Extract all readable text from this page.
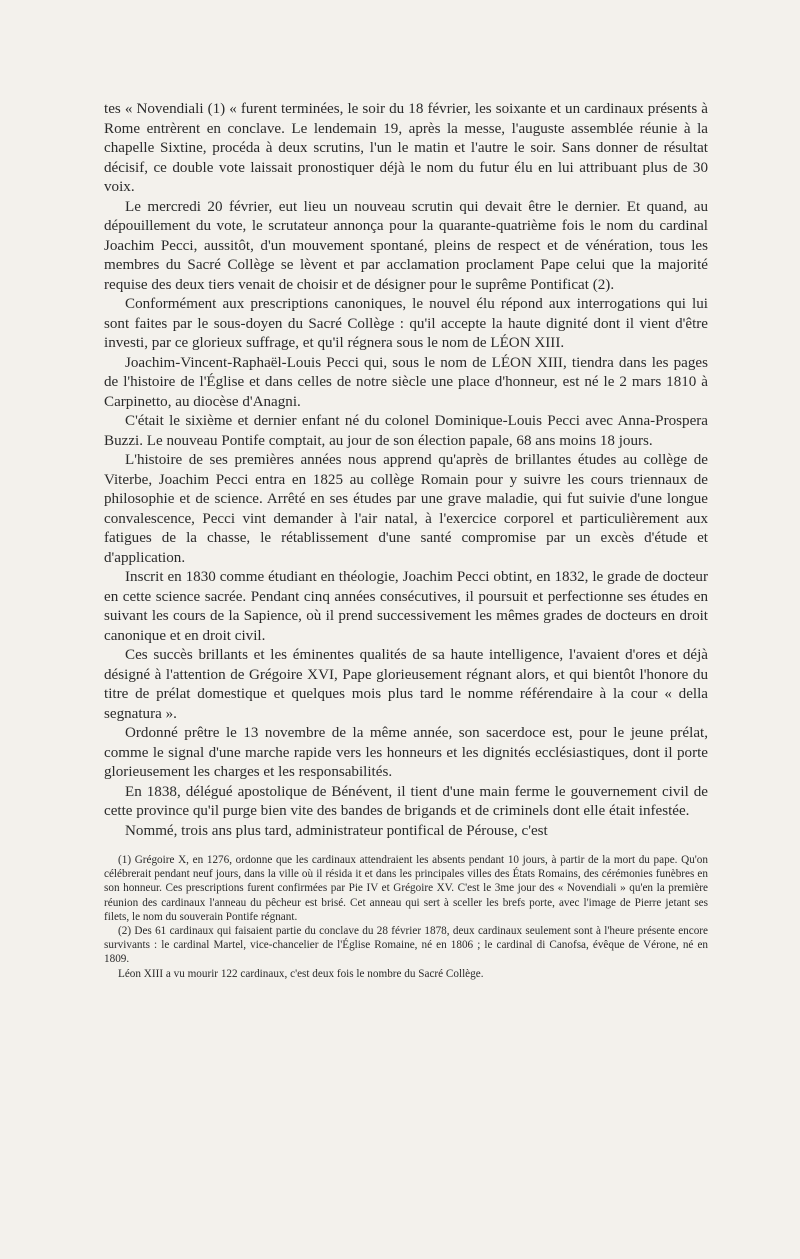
tes « Novendiali (1) « furent terminées, le soir du 18 février, les soixante et un cardinaux présents à Rome entrèrent en conclave. Le lendemain 19, après la messe, l'auguste assemblée réunie à la chapelle Sixtine, procéda à deux scrutins, l'un le matin et l'autre le soir. Sans donner de résultat décisif, ce double vote laissait pronostiquer déjà le nom du futur élu en lui attribuant plus de 30 voix.

Le mercredi 20 février, eut lieu un nouveau scrutin qui devait être le dernier. Et quand, au dépouillement du vote, le scrutateur annonça pour la quarante-quatrième fois le nom du cardinal Joachim Pecci, aussitôt, d'un mouvement spontané, pleins de respect et de vénération, tous les membres du Sacré Collège se lèvent et par acclamation proclament Pape celui que la majorité requise des deux tiers venait de choisir et de désigner pour le suprême Pontificat (2).

Conformément aux prescriptions canoniques, le nouvel élu répond aux interrogations qui lui sont faites par le sous-doyen du Sacré Collège : qu'il accepte la haute dignité dont il vient d'être investi, par ce glorieux suffrage, et qu'il régnera sous le nom de LÉON XIII.

Joachim-Vincent-Raphaël-Louis Pecci qui, sous le nom de LÉON XIII, tiendra dans les pages de l'histoire de l'Église et dans celles de notre siècle une place d'honneur, est né le 2 mars 1810 à Carpinetto, au diocèse d'Anagni.

C'était le sixième et dernier enfant né du colonel Dominique-Louis Pecci avec Anna-Prospera Buzzi. Le nouveau Pontife comptait, au jour de son élection papale, 68 ans moins 18 jours.

L'histoire de ses premières années nous apprend qu'après de brillantes études au collège de Viterbe, Joachim Pecci entra en 1825 au collège Romain pour y suivre les cours triennaux de philosophie et de science. Arrêté en ses études par une grave maladie, qui fut suivie d'une longue convalescence, Pecci vint demander à l'air natal, à l'exercice corporel et particulièrement aux fatigues de la chasse, le rétablissement d'une santé compromise par un excès d'étude et d'application.

Inscrit en 1830 comme étudiant en théologie, Joachim Pecci obtint, en 1832, le grade de docteur en cette science sacrée. Pendant cinq années consécutives, il poursuit et perfectionne ses études en suivant les cours de la Sapience, où il prend successivement les mêmes grades de docteurs en droit canonique et en droit civil.

Ces succès brillants et les éminentes qualités de sa haute intelligence, l'avaient d'ores et déjà désigné à l'attention de Grégoire XVI, Pape glorieusement régnant alors, et qui bientôt l'honore du titre de prélat domestique et quelques mois plus tard le nomme référendaire à la cour « della segnatura ».

Ordonné prêtre le 13 novembre de la même année, son sacerdoce est, pour le jeune prélat, comme le signal d'une marche rapide vers les honneurs et les dignités ecclésiastiques, dont il porte glorieusement les charges et les responsabilités.

En 1838, délégué apostolique de Bénévent, il tient d'une main ferme le gouvernement civil de cette province qu'il purge bien vite des bandes de brigands et de criminels dont elle était infestée.

Nommé, trois ans plus tard, administrateur pontifical de Pérouse, c'est

(1) Grégoire X, en 1276, ordonne que les cardinaux attendraient les absents pendant 10 jours, à partir de la mort du pape. Qu'on célébrerait pendant neuf jours, dans la ville où il résida it et dans les principales villes des États Romains, des cérémonies funèbres en son honneur. Ces prescriptions furent confirmées par Pie IV et Grégoire XV. C'est le 3me jour des « Novendiali » qu'en la première réunion des cardinaux l'anneau du pêcheur est brisé. Cet anneau qui sert à sceller les brefs porte, avec l'image de Pierre jetant ses filets, le nom du souverain Pontife régnant.

(2) Des 61 cardinaux qui faisaient partie du conclave du 28 février 1878, deux cardinaux seulement sont à l'heure présente encore survivants : le cardinal Martel, vice-chancelier de l'Église Romaine, né en 1806 ; le cardinal di Canofsa, évêque de Vérone, né en 1809.

Léon XIII a vu mourir 122 cardinaux, c'est deux fois le nombre du Sacré Collège.
